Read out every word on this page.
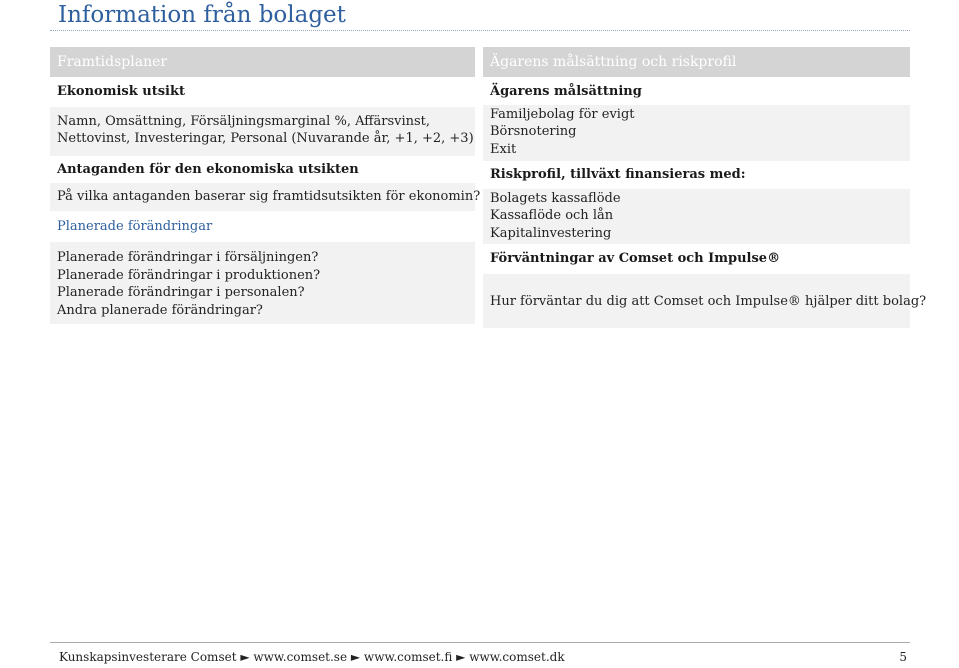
Information från bolaget
Framtidsplaner
Ekonomisk utsikt
Namn, Omsättning, Försäljningsmarginal %, Affärsvinst,
Nettovinst, Investeringar, Personal (Nuvarande år, +1, +2, +3)
Antaganden för den ekonomiska utsikten
På vilka antaganden baserar sig framtidsutsikten för ekonomin?
Planerade förändringar
Planerade förändringar i försäljningen?
Planerade förändringar i produktionen?
Planerade förändringar i personalen?
Andra planerade förändringar?
Ägarens målsättning och riskprofil
Ägarens målsättning
Familjebolag för evigt
Börsnotering
Exit
Riskprofil, tillväxt finansieras med:
Bolagets kassaflöde
Kassaflöde och lån
Kapitalinvestering
Förväntningar av Comset och Impulse®
Hur förväntar du dig att Comset och Impulse® hjälper ditt bolag?
Kunskapsinvesterare Comset ► www.comset.se ► www.comset.fi ► www.comset.dk	5
